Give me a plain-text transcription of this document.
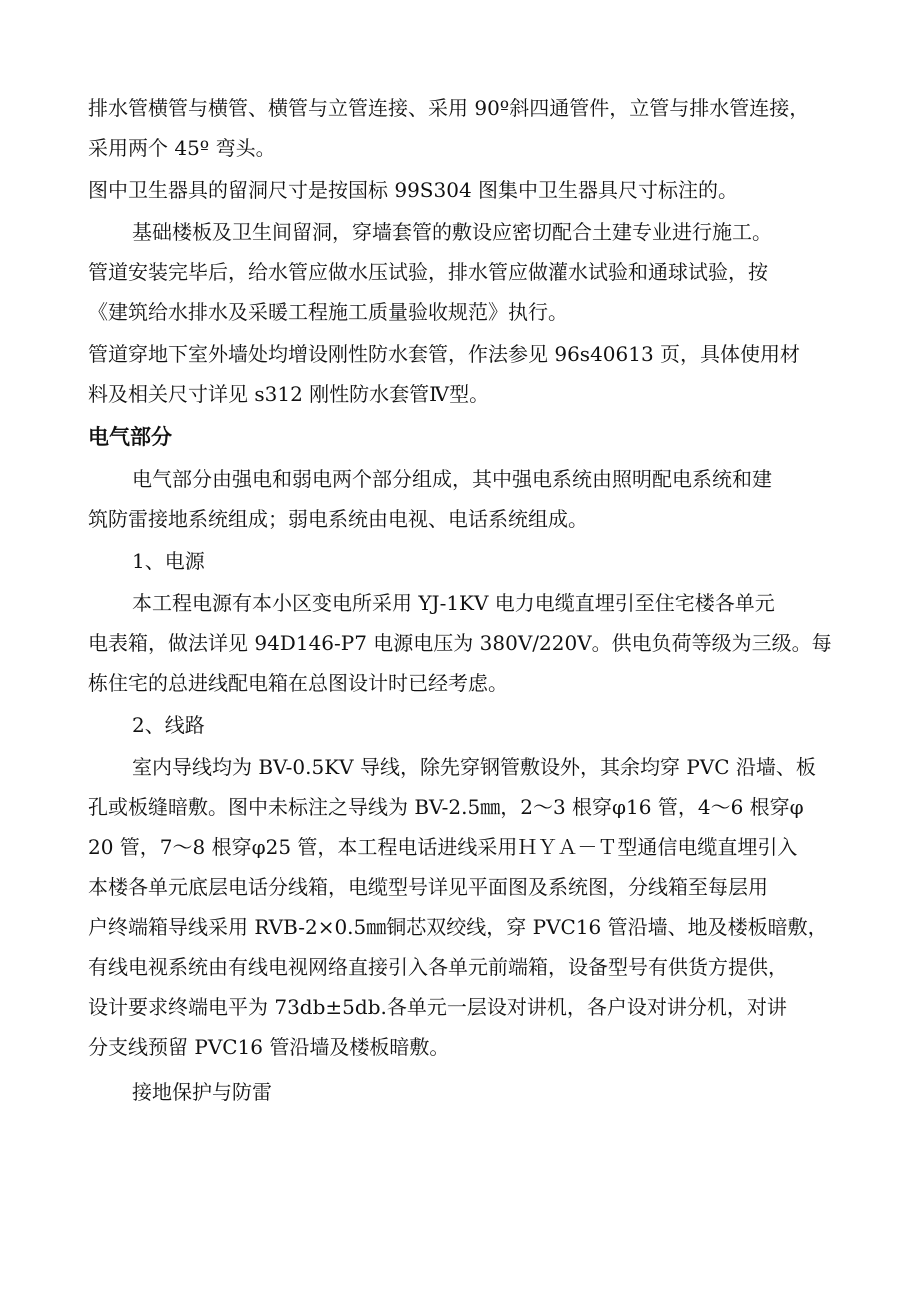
排水管横管与横管、横管与立管连接、采用 90º斜四通管件，立管与排水管连接，
采用两个 45º 弯头。
图中卫生器具的留洞尺寸是按国标 99S304 图集中卫生器具尺寸标注的。
基础楼板及卫生间留洞，穿墙套管的敷设应密切配合土建专业进行施工。
管道安装完毕后，给水管应做水压试验，排水管应做灌水试验和通球试验，按
《建筑给水排水及采暖工程施工质量验收规范》执行。
管道穿地下室外墙处均增设刚性防水套管，作法参见 96s40613 页，具体使用材
料及相关尺寸详见 s312 刚性防水套管Ⅳ型。
电气部分
电气部分由强电和弱电两个部分组成，其中强电系统由照明配电系统和建
筑防雷接地系统组成；弱电系统由电视、电话系统组成。
1、电源
本工程电源有本小区变电所采用 YJ-1KV 电力电缆直埋引至住宅楼各单元
电表箱，做法详见 94D146-P7 电源电压为 380V/220V。供电负荷等级为三级。每
栋住宅的总进线配电箱在总图设计时已经考虑。
2、线路
室内导线均为 BV-0.5KV 导线，除先穿钢管敷设外，其余均穿 PVC 沿墙、板
孔或板缝暗敷。图中未标注之导线为 BV-2.5㎜，2～3 根穿φ16 管，4～6 根穿φ
20 管，7～8 根穿φ25 管，本工程电话进线采用ＨＹＡ－Ｔ型通信电缆直埋引入
本楼各单元底层电话分线箱，电缆型号详见平面图及系统图，分线箱至每层用
户终端箱导线采用 RVB-2×0.5㎜铜芯双绞线，穿 PVC16 管沿墙、地及楼板暗敷，
有线电视系统由有线电视网络直接引入各单元前端箱，设备型号有供货方提供，
设计要求终端电平为 73db±5db.各单元一层设对讲机，各户设对讲分机，对讲
分支线预留 PVC16 管沿墙及楼板暗敷。
接地保护与防雷
